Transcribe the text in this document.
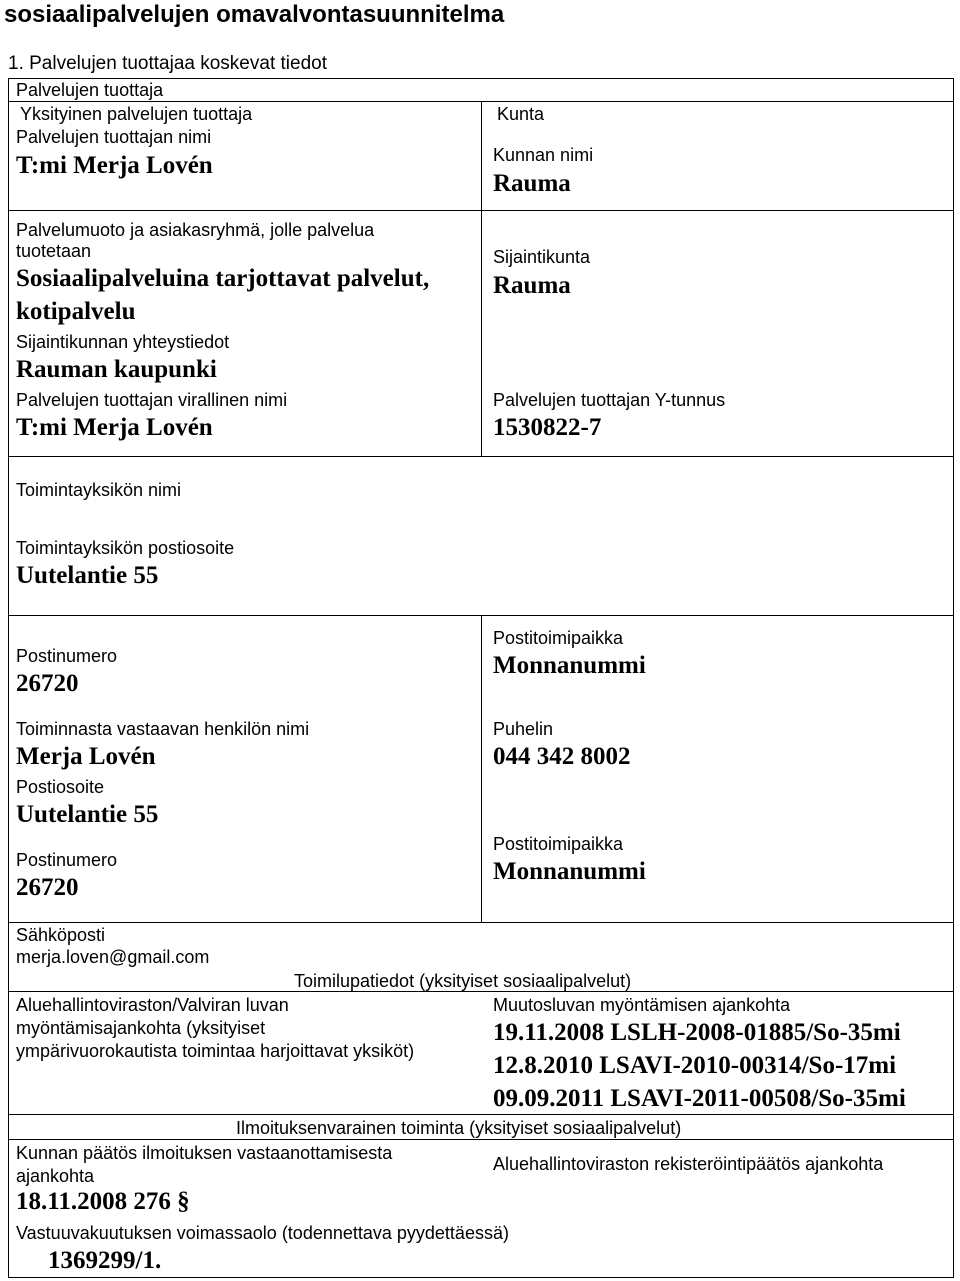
sosiaalipalvelujen omavalvontasuunnitelma
1. Palvelujen tuottajaa koskevat tiedot
Palvelujen tuottaja
Yksityinen palvelujen tuottaja
Palvelujen tuottajan nimi
T:mi Merja Lovén
Palvelumuoto ja asiakasryhmä, jolle palvelua tuotetaan
Sosiaalipalveluina tarjottavat palvelut,
kotipalvelu
Sijaintikunnan yhteystiedot
Rauman kaupunki
Palvelujen tuottajan virallinen nimi
T:mi Merja Lovén
Kunta
Kunnan nimi
Rauma
Sijaintikunta
Rauma
Palvelujen tuottajan Y-tunnus
1530822-7
Toimintayksikön nimi
Toimintayksikön postiosoite
Uutelantie 55
Postinumero
26720
Postitoimipaikka
Monnanummi
Toiminnasta vastaavan henkilön nimi
Merja Lovén
Puhelin
044 342 8002
Postiosoite
Uutelantie 55
Postinumero
26720
Postitoimipaikka
Monnanummi
Sähköposti
merja.loven@gmail.com
Toimilupatiedot (yksityiset sosiaalipalvelut)
Aluehallintoviraston/Valviran luvan
myöntämisajankohta (yksityiset
ympärivuorokautista toimintaa harjoittavat yksiköt)
Muutosluvan myöntämisen ajankohta
19.11.2008 LSLH-2008-01885/So-35mi
12.8.2010 LSAVI-2010-00314/So-17mi
09.09.2011 LSAVI-2011-00508/So-35mi
Ilmoituksenvarainen toiminta (yksityiset sosiaalipalvelut)
Kunnan päätös ilmoituksen vastaanottamisesta
ajankohta
18.11.2008 276 §
Aluehallintoviraston rekisteröintipäätös ajankohta
Vastuuvakuutuksen voimassaolo (todennettava pyydettäessä)
1369299/1.
